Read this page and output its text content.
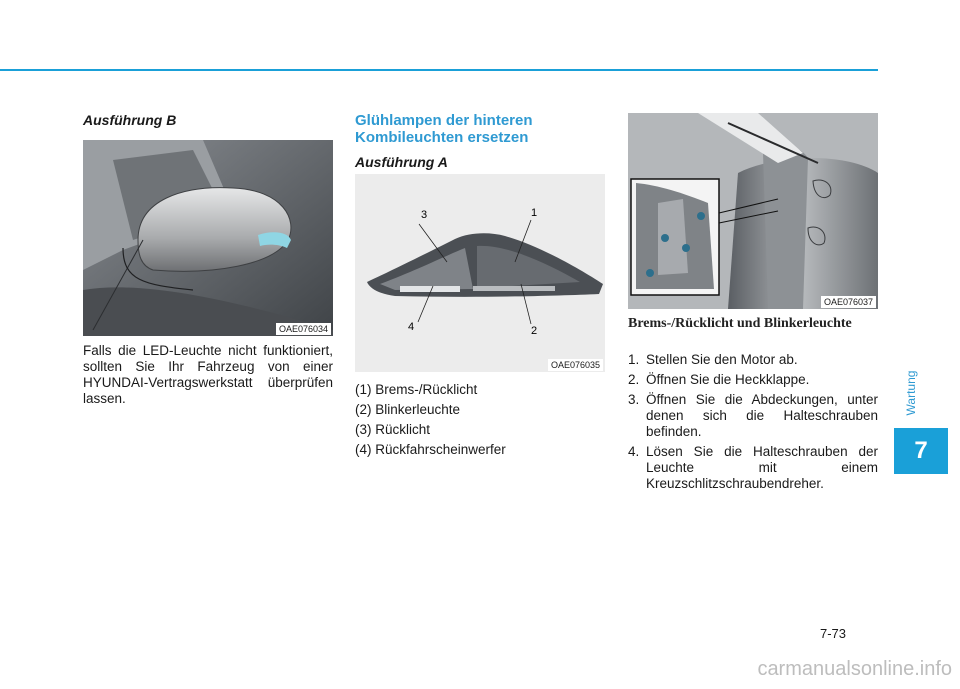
Ausführung B
OAE076034
Falls die LED-Leuchte nicht funktioniert, sollten Sie Ihr Fahrzeug von einer HYUNDAI-Vertragswerkstatt überprüfen lassen.
Glühlampen der hinteren Kombileuchten ersetzen
Ausführung A
3	1
4	2
OAE076035
(1) Brems-/Rücklicht
(2) Blinkerleuchte
(3) Rücklicht
(4) Rückfahrscheinwerfer
OAE076037
Brems-/Rücklicht und Blinkerleuchte
1. Stellen Sie den Motor ab.
2. Öffnen Sie die Heckklappe.
3. Öffnen Sie die Abdeckungen, unter denen sich die Halteschrauben befinden.
4. Lösen Sie die Halteschrauben der Leuchte mit einem Kreuzschlitzschraubendreher.
Wartung
7
7-73
carmanualsonline.info
